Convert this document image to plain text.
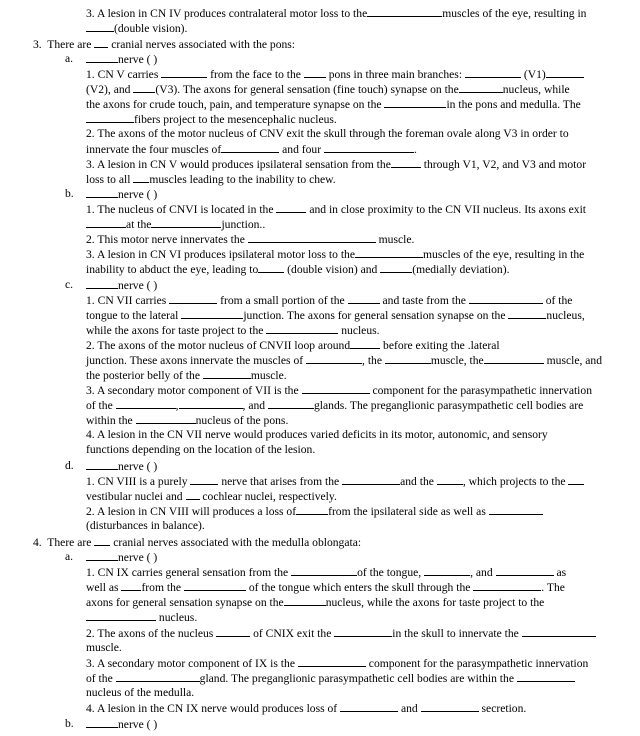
3. A lesion in CN IV produces contralateral motor loss to the	muscles of the eye, resulting in
(double vision).
3. There are cranial nerves associated with the pons:
a.	nerve ( )
1. CN V carries	from the face to the pons in three main branches:	(V1)
(V2), and (V3). The axons for general sensation (fine touch) synapse on the	nucleus, while
the axons for crude touch, pain, and temperature synapse on the	in the pons and medulla. The
fibers project to the mesencephalic nucleus.
2. The axons of the motor nucleus of CNV exit the skull through the foreman ovale along V3 in order to
innervate the four muscles of	and four	.
3. A lesion in CN V would produces ipsilateral sensation from the	through V1, V2, and V3 and motor
loss to all muscles leading to the inability to chew.
b.	nerve ( )
1. The nucleus of CNVI is located in the	and in close proximity to the CN VII nucleus. Its axons exit
at the	junction..
2. This motor nerve innervates the	muscle.
3. A lesion in CN VI produces ipsilateral motor loss to the	muscles of the eye, resulting in the
inability to abduct the eye, leading to (double vision) and	(medially deviation).
c.	nerve ( )
1. CN VII carries	from a small portion of the	and taste from the	of the
tongue to the lateral	junction. The axons for general sensation synapse on the	nucleus,
while the axons for taste project to the	nucleus.
2. The axons of the motor nucleus of CNVII loop around	before exiting the .lateral
junction. These axons innervate the muscles of	, the	muscle, the	muscle, and
the posterior belly of the	muscle.
3. A secondary motor component of VII is the	component for the parasympathetic innervation
of the	,	, and	glands. The preganglionic parasympathetic cell bodies are
within the	nucleus of the pons.
4. A lesion in the CN VII nerve would produces varied deficits in its motor, autonomic, and sensory
functions depending on the location of the lesion.
d.	nerve ( )
1. CN VIII is a purely	nerve that arises from the	and the , which projects to the
vestibular nuclei and cochlear nuclei, respectively.
2. A lesion in CN VIII will produces a loss of	from the ipsilateral side as well as
(disturbances in balance).
4. There are cranial nerves associated with the medulla oblongata:
a.	nerve ( )
1. CN IX carries general sensation from the	of the tongue,	, and	as
well as from the	of the tongue which enters the skull through the	. The
axons for general sensation synapse on the	nucleus, while the axons for taste project to the
nucleus.
2. The axons of the nucleus	of CNIX exit the	in the skull to innervate the
muscle.
3. A secondary motor component of IX is the	component for the parasympathetic innervation
of the	gland. The preganglionic parasympathetic cell bodies are within the
nucleus of the medulla.
4. A lesion in the CN IX nerve would produces loss of	and	secretion.
b.	nerve ( )
